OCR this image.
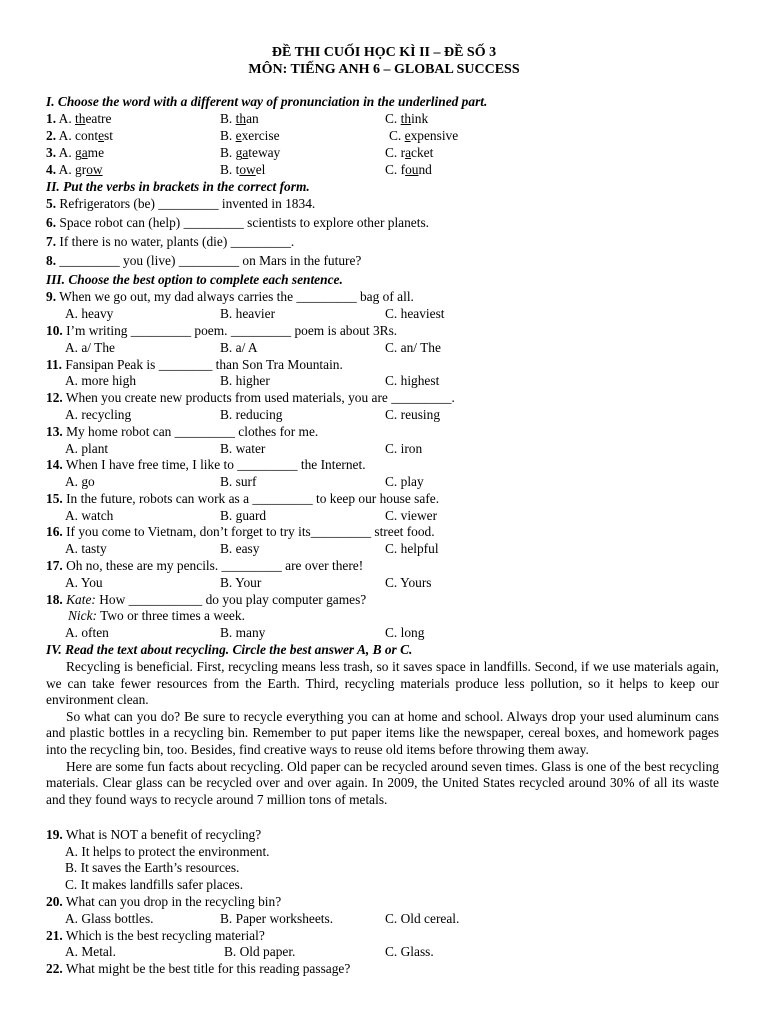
ĐỀ THI CUỐI HỌC KÌ II – ĐỀ SỐ 3
MÔN: TIẾNG ANH 6 – GLOBAL SUCCESS
I. Choose the word with a different way of pronunciation in the underlined part.
1. A. theatre	B. than	C. think
2. A. contest	B. exercise	C. expensive
3. A. game	B. gateway	C. racket
4. A. grow	B. towel	C. found
II. Put the verbs in brackets in the correct form.
5. Refrigerators (be) _________ invented in 1834.
6. Space robot can (help) _________ scientists to explore other planets.
7. If there is no water, plants (die) _________.
8. _________ you (live) _________ on Mars in the future?
III. Choose the best option to complete each sentence.
9. When we go out, my dad always carries the _________ bag of all.
A. heavy	B. heavier	C. heaviest
10. I’m writing _________ poem. _________ poem is about 3Rs.
A. a/ The	B. a/ A	C. an/ The
11. Fansipan Peak is ________ than Son Tra Mountain.
A. more high	B. higher	C. highest
12. When you create new products from used materials, you are _________.
A. recycling	B. reducing	C. reusing
13. My home robot can _________ clothes for me.
A. plant	B. water	C. iron
14. When I have free time, I like to _________ the Internet.
A. go	B. surf	C. play
15. In the future, robots can work as a _________ to keep our house safe.
A. watch	B. guard	C. viewer
16. If you come to Vietnam, don’t forget to try its_________ street food.
A. tasty	B. easy	C. helpful
17. Oh no, these are my pencils. _________ are over there!
A. You	B. Your	C. Yours
18. Kate: How ___________ do you play computer games?
Nick: Two or three times a week.
A. often	B. many	C. long
IV. Read the text about recycling. Circle the best answer A, B or C.

Recycling is beneficial. First, recycling means less trash, so it saves space in landfills. Second, if we use materials again, we can take fewer resources from the Earth. Third, recycling materials produce less pollution, so it helps to keep our environment clean.

So what can you do? Be sure to recycle everything you can at home and school. Always drop your used aluminum cans and plastic bottles in a recycling bin. Remember to put paper items like the newspaper, cereal boxes, and homework pages into the recycling bin, too. Besides, find creative ways to reuse old items before throwing them away.

Here are some fun facts about recycling. Old paper can be recycled around seven times. Glass is one of the best recycling materials. Clear glass can be recycled over and over again. In 2009, the United States recycled around 30% of all its waste and they found ways to recycle around 7 million tons of metals.

19. What is NOT a benefit of recycling?
A. It helps to protect the environment.
B. It saves the Earth’s resources.
C. It makes landfills safer places.
20. What can you drop in the recycling bin?
A. Glass bottles.	B. Paper worksheets.	C. Old cereal.
21. Which is the best recycling material?
A. Metal.	B. Old paper.	C. Glass.
22. What might be the best title for this reading passage?
